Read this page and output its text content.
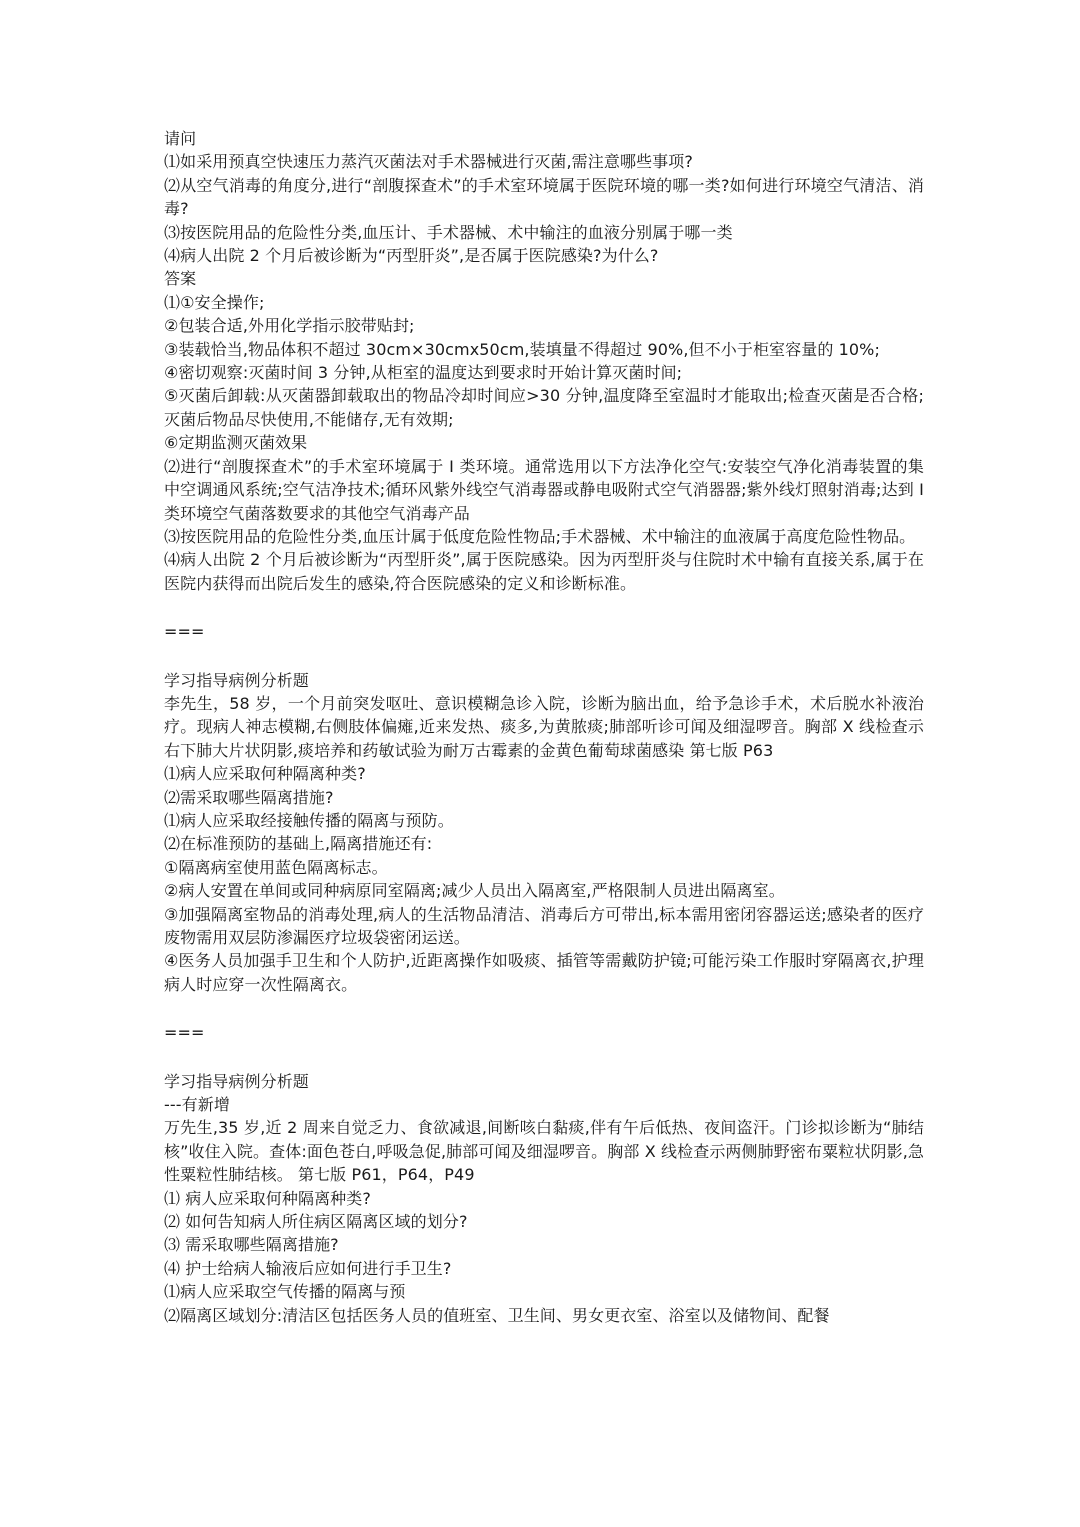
请问
⑴如采用预真空快速压力蒸汽灭菌法对手术器械进行灭菌,需注意哪些事项?
⑵从空气消毒的角度分,进行“剖腹探查术”的手术室环境属于医院环境的哪一类?如何进行环境空气清洁、消毒?
⑶按医院用品的危险性分类,血压计、手术器械、术中输注的血液分别属于哪一类
⑷病人出院 2 个月后被诊断为“丙型肝炎”,是否属于医院感染?为什么?
答案
⑴①安全操作;
②包装合适,外用化学指示胶带贴封;
③装载恰当,物品体积不超过 30cm×30cmx50cm,装填量不得超过 90%,但不小于柜室容量的 10%;
④密切观察:灭菌时间 3 分钟,从柜室的温度达到要求时开始计算灭菌时间;
⑤灭菌后卸载:从灭菌器卸载取出的物品冷却时间应>30 分钟,温度降至室温时才能取出;检查灭菌是否合格;灭菌后物品尽快使用,不能储存,无有效期;
⑥定期监测灭菌效果
⑵进行“剖腹探查术”的手术室环境属于 I 类环境。通常选用以下方法净化空气:安装空气净化消毒装置的集中空调通风系统;空气洁净技术;循环风紫外线空气消毒器或静电吸附式空气消器器;紫外线灯照射消毒;达到 I 类环境空气菌落数要求的其他空气消毒产品
⑶按医院用品的危险性分类,血压计属于低度危险性物品;手术器械、术中输注的血液属于高度危险性物品。
⑷病人出院 2 个月后被诊断为“丙型肝炎”,属于医院感染。因为丙型肝炎与住院时术中输有直接关系,属于在医院内获得而出院后发生的感染,符合医院感染的定义和诊断标准。
===
学习指导病例分析题
李先生，58 岁，一个月前突发呕吐、意识模糊急诊入院，诊断为脑出血，给予急诊手术，术后脱水补液治疗。现病人神志模糊,右侧肢体偏瘫,近来发热、痰多,为黄脓痰;肺部听诊可闻及细湿啰音。胸部 X 线检查示右下肺大片状阴影,痰培养和药敏试验为耐万古霉素的金黄色葡萄球菌感染 第七版 P63
⑴病人应采取何种隔离种类?
⑵需采取哪些隔离措施?
⑴病人应采取经接触传播的隔离与预防。
⑵在标准预防的基础上,隔离措施还有:
①隔离病室使用蓝色隔离标志。
②病人安置在单间或同种病原同室隔离;减少人员出入隔离室,严格限制人员进出隔离室。
③加强隔离室物品的消毒处理,病人的生活物品清洁、消毒后方可带出,标本需用密闭容器运送;感染者的医疗废物需用双层防渗漏医疗垃圾袋密闭运送。
④医务人员加强手卫生和个人防护,近距离操作如吸痰、插管等需戴防护镜;可能污染工作服时穿隔离衣,护理病人时应穿一次性隔离衣。
===
学习指导病例分析题
---有新增
万先生,35 岁,近 2 周来自觉乏力、食欲减退,间断咳白黏痰,伴有午后低热、夜间盗汗。门诊拟诊断为“肺结核”收住入院。查体:面色苍白,呼吸急促,肺部可闻及细湿啰音。胸部 X 线检查示两侧肺野密布粟粒状阴影,急性粟粒性肺结核。 第七版 P61，P64，P49
⑴ 病人应采取何种隔离种类?
⑵ 如何告知病人所住病区隔离区域的划分?
⑶ 需采取哪些隔离措施?
⑷ 护士给病人输液后应如何进行手卫生?
⑴病人应采取空气传播的隔离与预
⑵隔离区域划分:清洁区包括医务人员的值班室、卫生间、男女更衣室、浴室以及储物间、配餐
